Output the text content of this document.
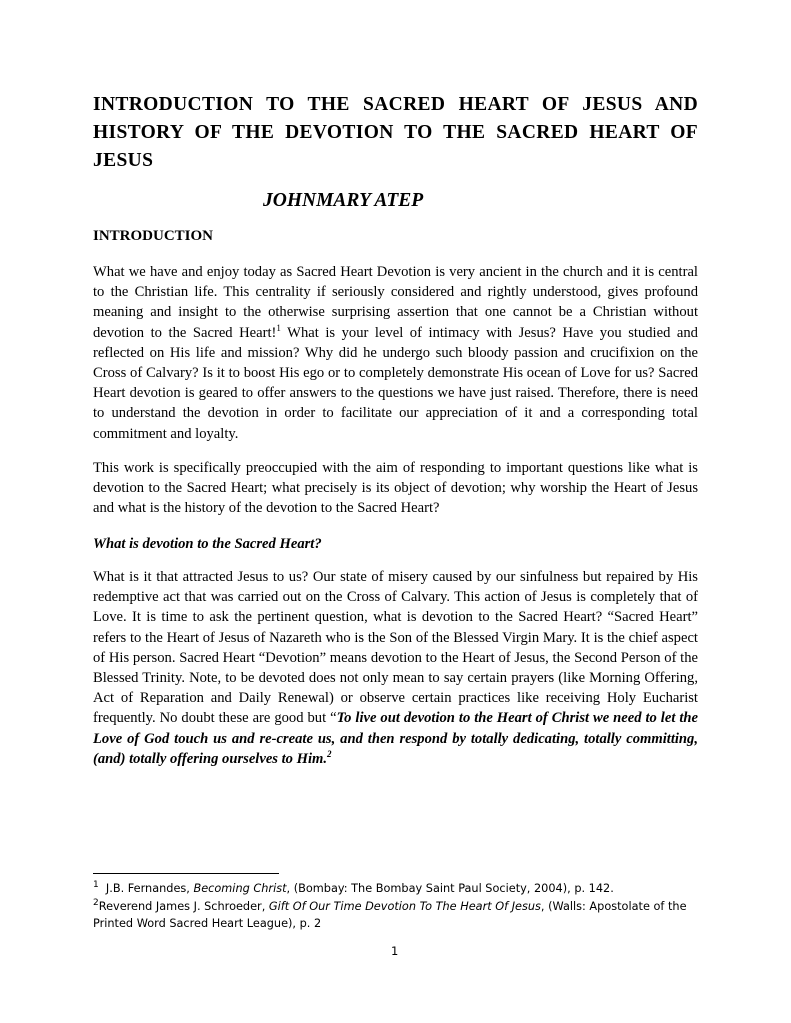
INTRODUCTION TO THE SACRED HEART OF JESUS AND HISTORY OF THE DEVOTION TO THE SACRED HEART OF JESUS
JOHNMARY ATEP
INTRODUCTION

What we have and enjoy today as Sacred Heart Devotion is very ancient in the church and it is central to the Christian life. This centrality if seriously considered and rightly understood, gives profound meaning and insight to the otherwise surprising assertion that one cannot be a Christian without devotion to the Sacred Heart!$^1$ What is your level of intimacy with Jesus? Have you studied and reflected on His life and mission? Why did he undergo such bloody passion and crucifixion on the Cross of Calvary? Is it to boost His ego or to completely demonstrate His ocean of Love for us? Sacred Heart devotion is geared to offer answers to the questions we have just raised. Therefore, there is need to understand the devotion in order to facilitate our appreciation of it and a corresponding total commitment and loyalty.

This work is specifically preoccupied with the aim of responding to important questions like what is devotion to the Sacred Heart; what precisely is its object of devotion; why worship the Heart of Jesus and what is the history of the devotion to the Sacred Heart?

What is devotion to the Sacred Heart?

What is it that attracted Jesus to us? Our state of misery caused by our sinfulness but repaired by His redemptive act that was carried out on the Cross of Calvary. This action of Jesus is completely that of Love. It is time to ask the pertinent question, what is devotion to the Sacred Heart? “Sacred Heart” refers to the Heart of Jesus of Nazareth who is the Son of the Blessed Virgin Mary. It is the chief aspect of His person. Sacred Heart “Devotion” means devotion to the Heart of Jesus, the Second Person of the Blessed Trinity. Note, to be devoted does not only mean to say certain prayers (like Morning Offering, Act of Reparation and Daily Renewal) or observe certain practices like receiving Holy Eucharist frequently. No doubt these are good but “To live out devotion to the Heart of Christ we need to let the Love of God touch us and re-create us, and then respond by totally dedicating, totally committing, (and) totally offering ourselves to Him.$^2$

$^1$  J.B. Fernandes, Becoming Christ, (Bombay: The Bombay Saint Paul Society, 2004), p. 142.

$^2$Reverend James J. Schroeder, Gift Of Our Time Devotion To The Heart Of Jesus, (Walls: Apostolate of the Printed Word Sacred Heart League), p. 2

1
